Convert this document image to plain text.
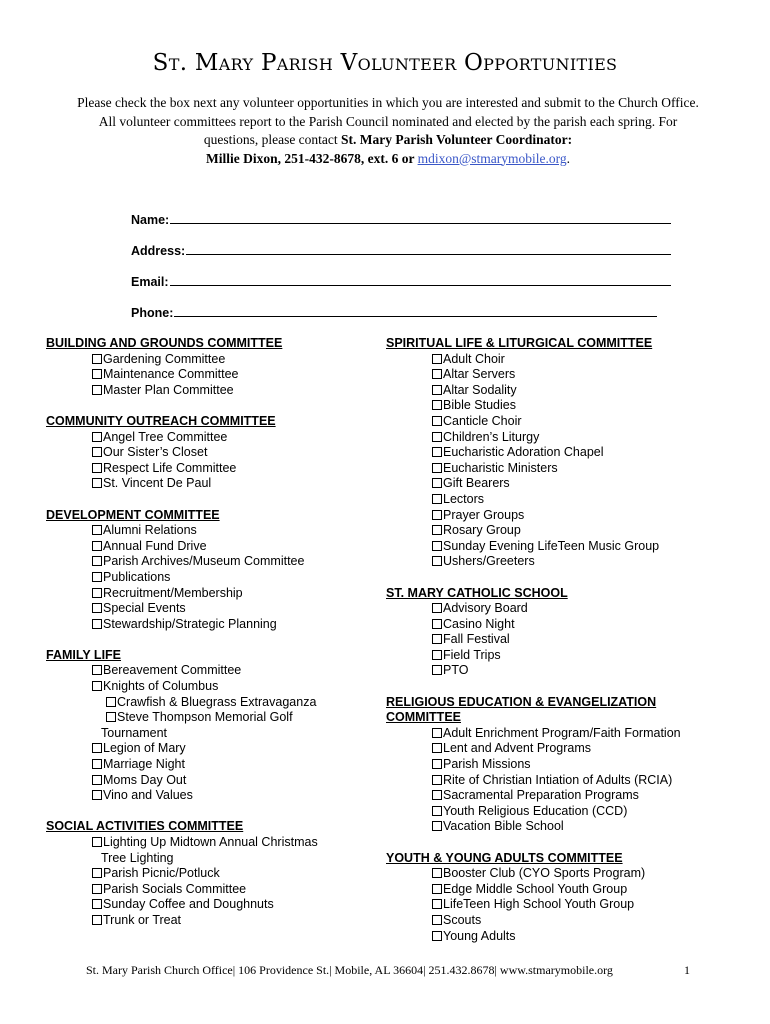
St. Mary Parish Volunteer Opportunities
Please check the box next any volunteer opportunities in which you are interested and submit to the Church Office. All volunteer committees report to the Parish Council nominated and elected by the parish each spring. For questions, please contact St. Mary Parish Volunteer Coordinator:
Millie Dixon, 251-432-8678, ext. 6 or mdixon@stmarymobile.org.
Name:
Address:
Email:
Phone:
BUILDING AND GROUNDS COMMITTEE
Gardening Committee
Maintenance Committee
Master Plan Committee
COMMUNITY OUTREACH COMMITTEE
Angel Tree Committee
Our Sister’s Closet
Respect Life Committee
St. Vincent De Paul
DEVELOPMENT COMMITTEE
Alumni Relations
Annual Fund Drive
Parish Archives/Museum Committee
Publications
Recruitment/Membership
Special Events
Stewardship/Strategic Planning
FAMILY LIFE
Bereavement Committee
Knights of Columbus
Crawfish & Bluegrass Extravaganza
Steve Thompson Memorial Golf
Tournament
Legion of Mary
Marriage Night
Moms Day Out
Vino and Values
SOCIAL ACTIVITIES COMMITTEE
Lighting Up Midtown Annual Christmas
Tree Lighting
Parish Picnic/Potluck
Parish Socials Committee
Sunday Coffee and Doughnuts
Trunk or Treat
SPIRITUAL LIFE & LITURGICAL COMMITTEE
Adult Choir
Altar Servers
Altar Sodality
Bible Studies
Canticle Choir
Children’s Liturgy
Eucharistic Adoration Chapel
Eucharistic Ministers
Gift Bearers
Lectors
Prayer Groups
Rosary Group
Sunday Evening LifeTeen Music Group
Ushers/Greeters
ST. MARY CATHOLIC SCHOOL
Advisory Board
Casino Night
Fall Festival
Field Trips
PTO
RELIGIOUS EDUCATION & EVANGELIZATION
COMMITTEE
Adult Enrichment Program/Faith Formation
Lent and Advent Programs
Parish Missions
Rite of Christian Intiation of Adults (RCIA)
Sacramental Preparation Programs
Youth Religious Education (CCD)
Vacation Bible School
YOUTH & YOUNG ADULTS COMMITTEE
Booster Club (CYO Sports Program)
Edge Middle School Youth Group
LifeTeen High School Youth Group
Scouts
Young Adults
St. Mary Parish Church Office| 106 Providence St.| Mobile, AL 36604| 251.432.8678| www.stmarymobile.org	1
